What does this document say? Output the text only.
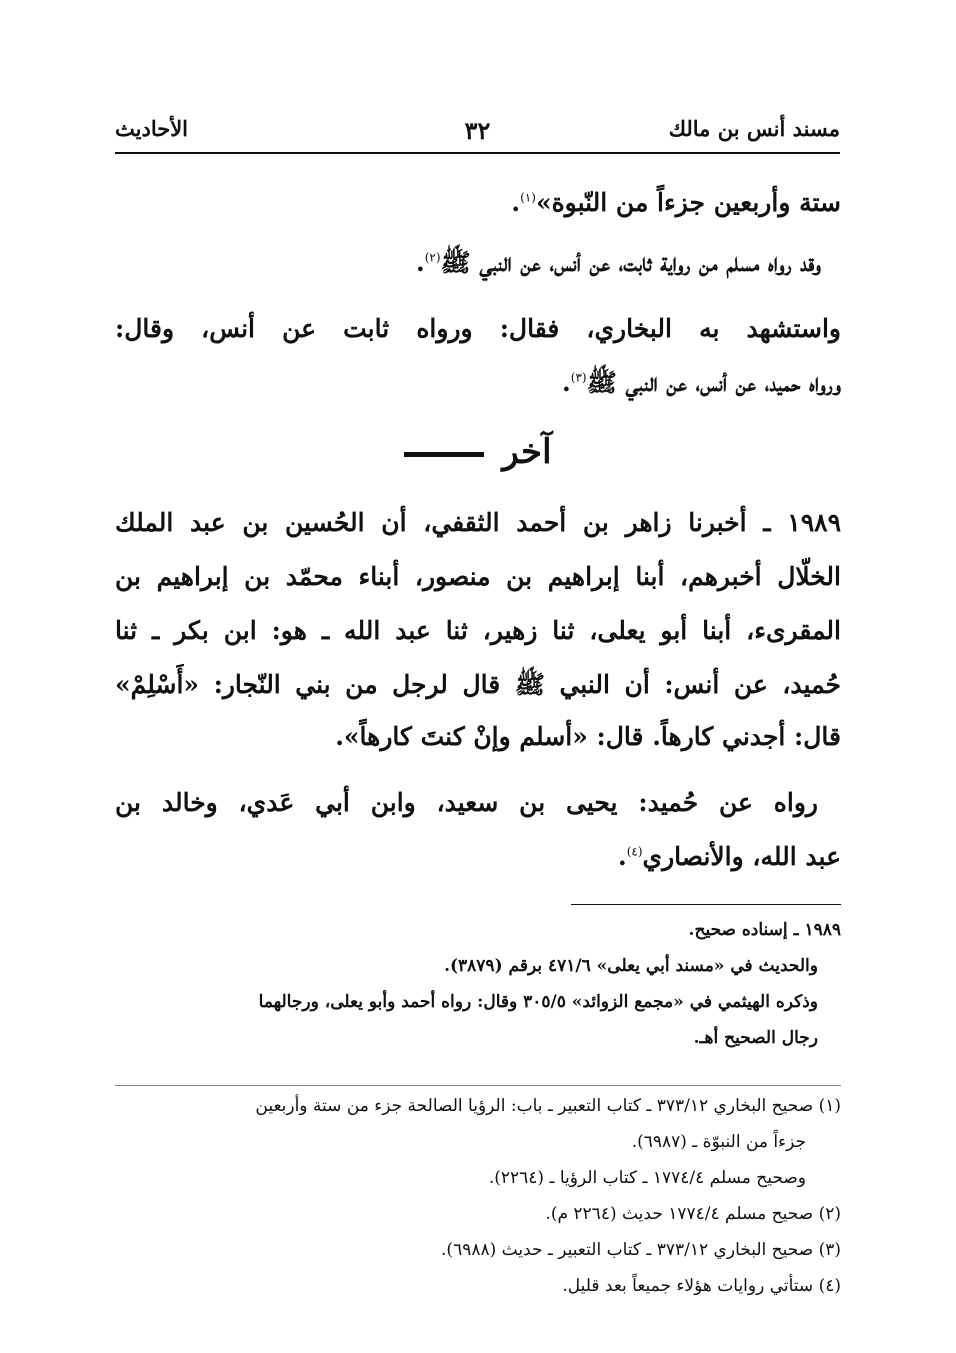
مسند أنس بن مالك
٣٢
الأحاديث
ستة وأربعين جزءاً من النّبوة»$^{(١)}$.
وقد رواه مسلم من رواية ثابت، عن أنس، عن النبي ﷺ$^{(٢)}$.
واستشهد به البخاري، فقال: ورواه ثابت عن أنس، وقال:
ورواه حميد، عن أنس، عن النبي ﷺ$^{(٣)}$.
آخر
١٩٨٩ ـ أخبرنا زاهر بن أحمد الثقفي، أن الحُسين بن عبد الملك
الخلّال أخبرهم، أبنا إبراهيم بن منصور، أبناء محمّد بن إبراهيم بن
المقرىء، أبنا أبو يعلى، ثنا زهير، ثنا عبد الله ـ هو: ابن بكر ـ ثنا
حُميد، عن أنس: أن النبي ﷺ قال لرجل من بني النّجار: «أَسْلِمْ»
قال: أجدني كارهاً. قال: «أسلم وإنْ كنتَ كارهاً».
رواه عن حُميد: يحيى بن سعيد، وابن أبي عَدي، وخالد بن
عبد الله، والأنصاري$^{(٤)}$.
١٩٨٩ ـ إسناده صحيح.
والحديث في «مسند أبي يعلى» ٤٧١/٦ برقم (٣٨٧٩).
وذكره الهيثمي في «مجمع الزوائد» ٣٠٥/٥ وقال: رواه أحمد وأبو يعلى، ورجالهما
رجال الصحيح أهـ.
(١) صحيح البخاري ٣٧٣/١٢ ـ كتاب التعبير ـ باب: الرؤيا الصالحة جزء من ستة وأربعين
جزءاً من النبوّة ـ (٦٩٨٧).
وصحيح مسلم ١٧٧٤/٤ ـ كتاب الرؤيا ـ (٢٢٦٤).
(٢) صحيح مسلم ١٧٧٤/٤ حديث (٢٢٦٤ م).
(٣) صحيح البخاري ٣٧٣/١٢ ـ كتاب التعبير ـ حديث (٦٩٨٨).
(٤) ستأتي روايات هؤلاء جميعاً بعد قليل.
